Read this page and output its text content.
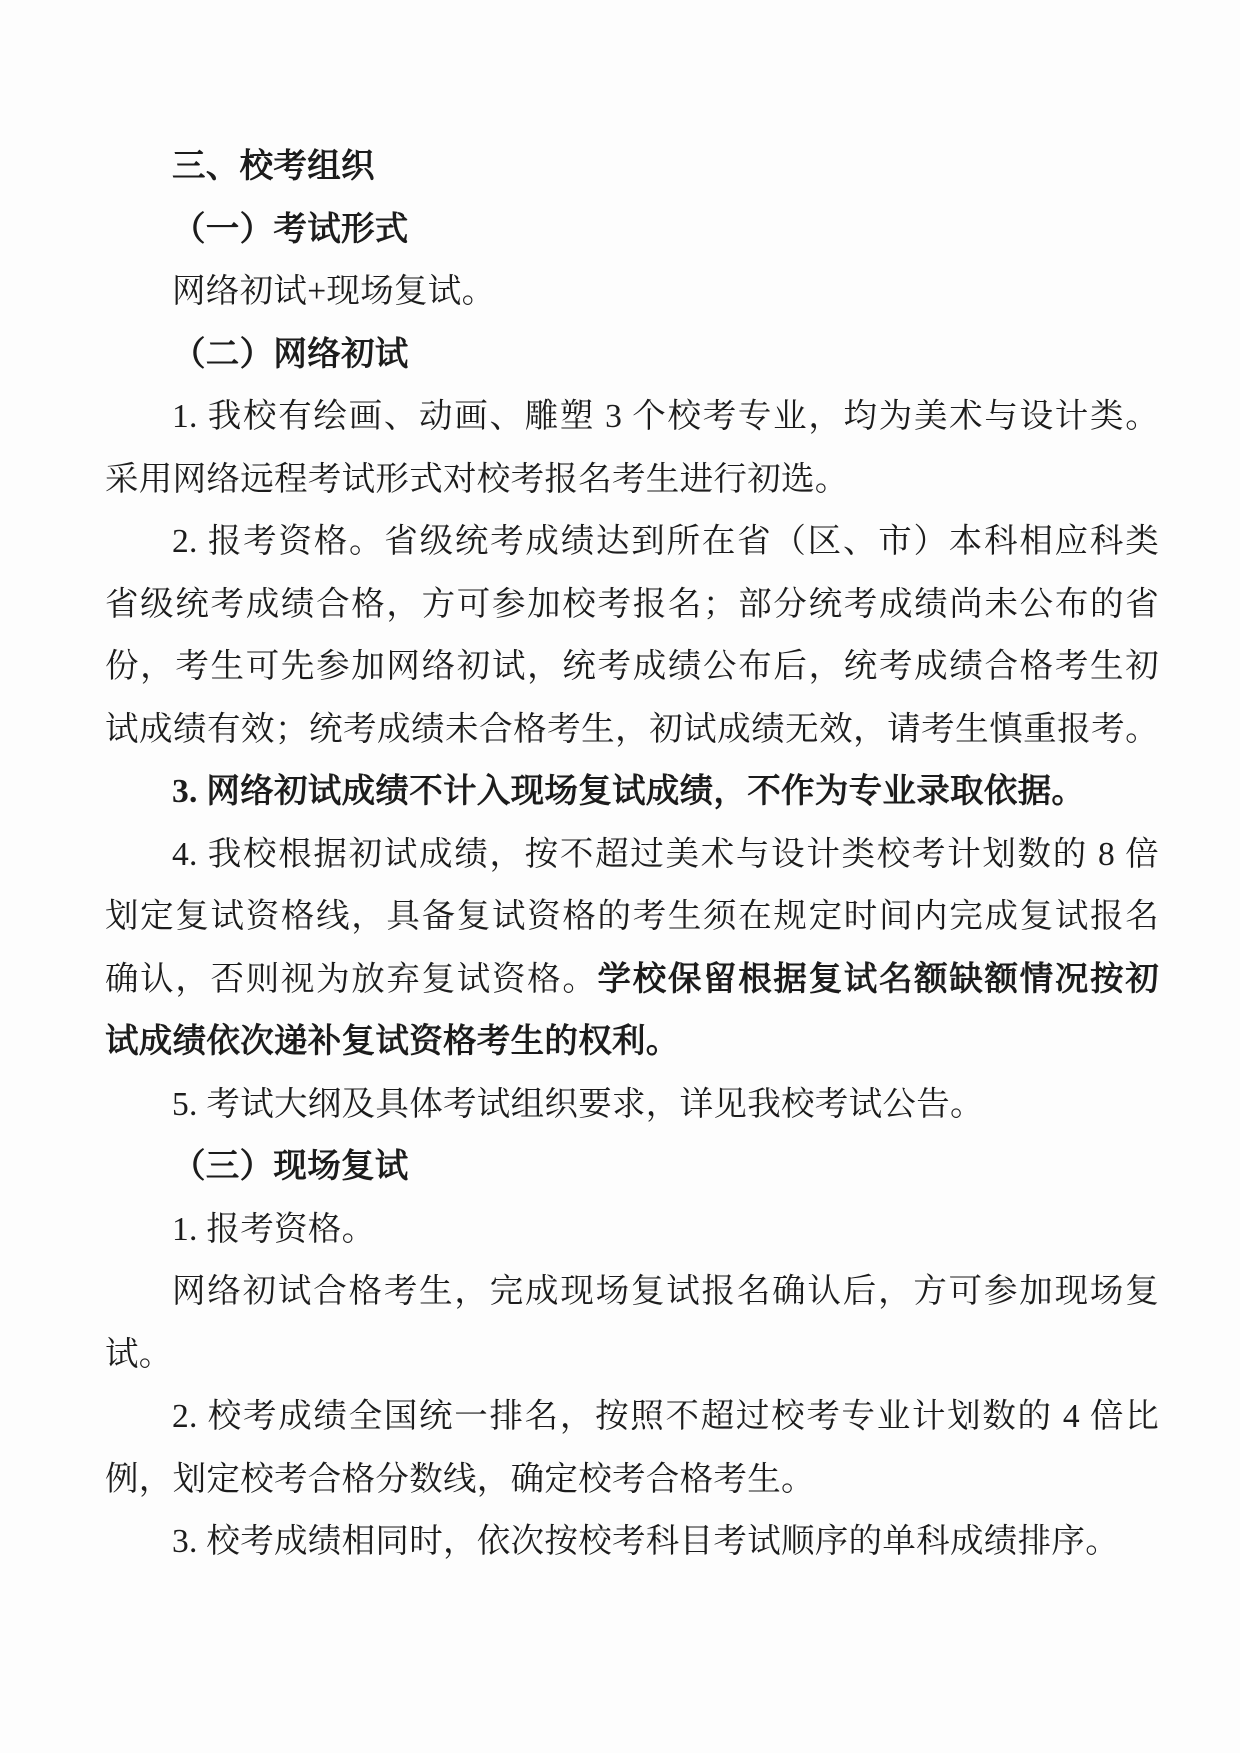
三、校考组织
（一）考试形式
网络初试+现场复试。
（二）网络初试
1. 我校有绘画、动画、雕塑 3 个校考专业，均为美术与设计类。
采用网络远程考试形式对校考报名考生进行初选。
2. 报考资格。省级统考成绩达到所在省（区、市）本科相应科类
省级统考成绩合格，方可参加校考报名；部分统考成绩尚未公布的省
份，考生可先参加网络初试，统考成绩公布后，统考成绩合格考生初
试成绩有效；统考成绩未合格考生，初试成绩无效，请考生慎重报考。
3. 网络初试成绩不计入现场复试成绩，不作为专业录取依据。
4. 我校根据初试成绩，按不超过美术与设计类校考计划数的 8 倍
划定复试资格线，具备复试资格的考生须在规定时间内完成复试报名
确认，否则视为放弃复试资格。学校保留根据复试名额缺额情况按初
试成绩依次递补复试资格考生的权利。
5. 考试大纲及具体考试组织要求，详见我校考试公告。
（三）现场复试
1. 报考资格。
网络初试合格考生，完成现场复试报名确认后，方可参加现场复
试。
2. 校考成绩全国统一排名，按照不超过校考专业计划数的 4 倍比
例，划定校考合格分数线，确定校考合格考生。
3. 校考成绩相同时，依次按校考科目考试顺序的单科成绩排序。
